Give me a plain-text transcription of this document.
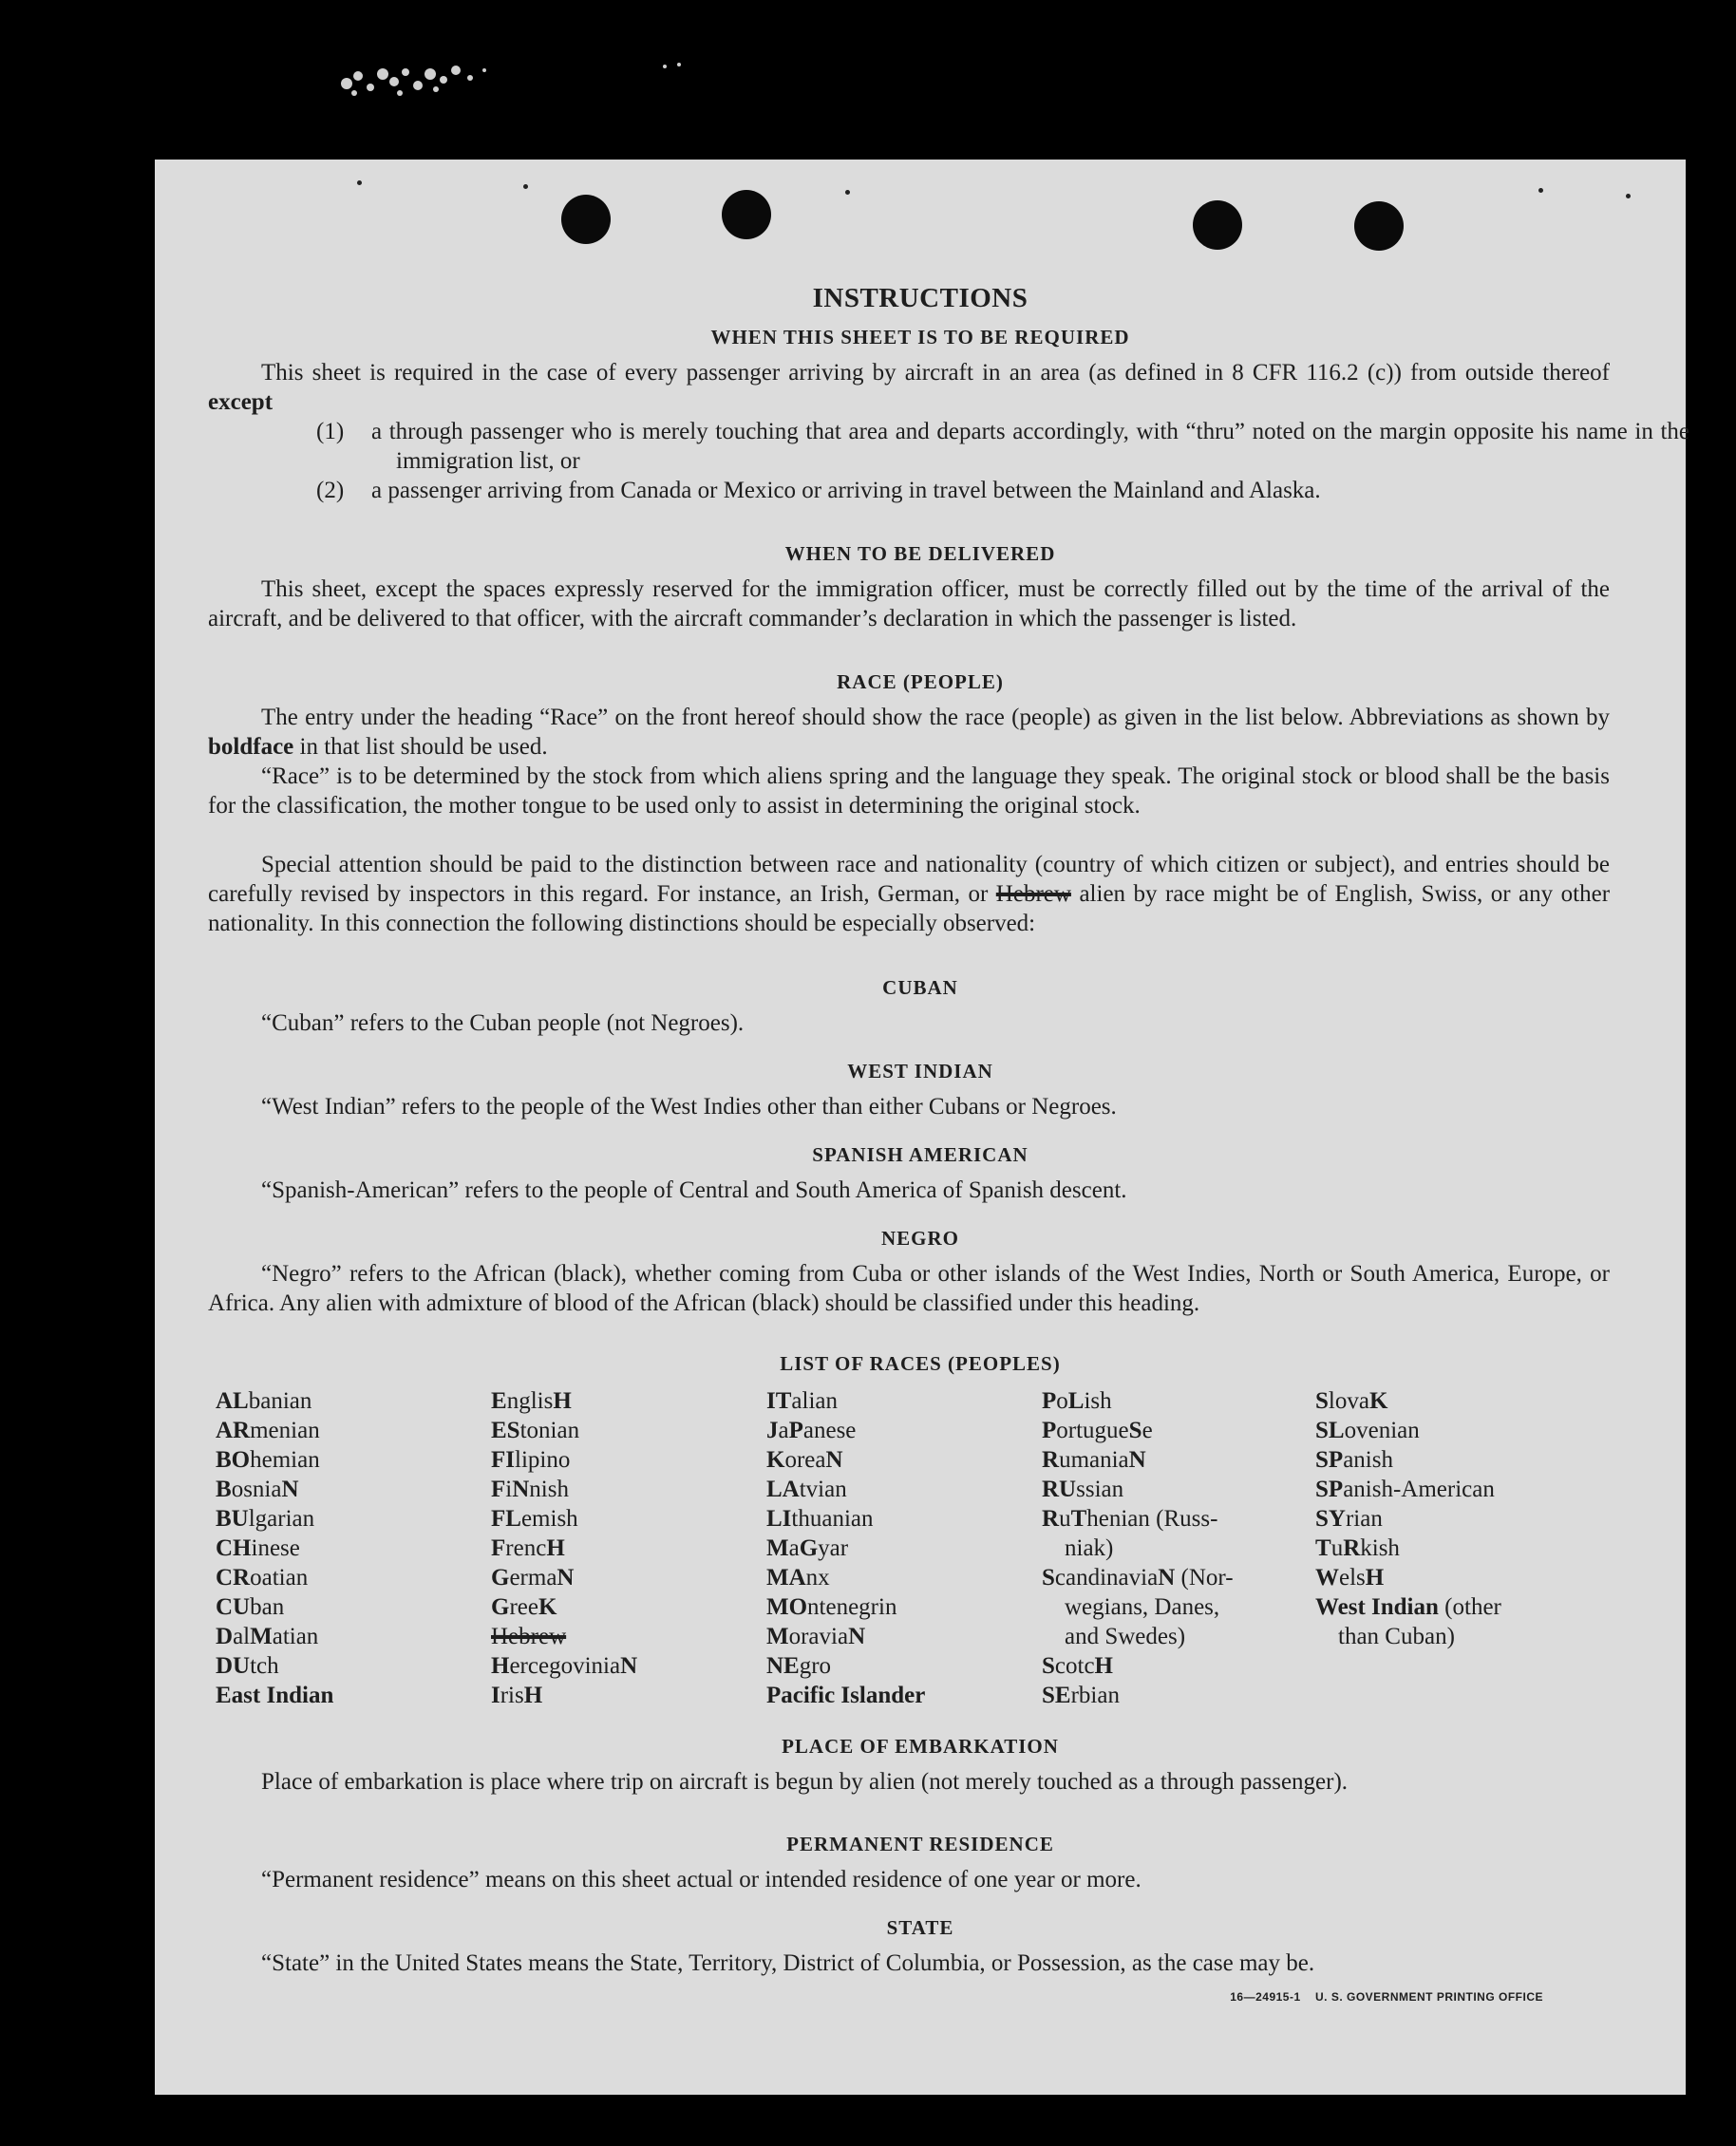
INSTRUCTIONS
WHEN THIS SHEET IS TO BE REQUIRED
This sheet is required in the case of every passenger arriving by aircraft in an area (as defined in 8 CFR 116.2 (c)) from outside thereof except
(1) a through passenger who is merely touching that area and departs accordingly, with “thru” noted on the margin opposite his name in the immigration list, or
(2) a passenger arriving from Canada or Mexico or arriving in travel between the Mainland and Alaska.
WHEN TO BE DELIVERED
This sheet, except the spaces expressly reserved for the immigration officer, must be correctly filled out by the time of the arrival of the aircraft, and be delivered to that officer, with the aircraft commander’s declaration in which the passenger is listed.
RACE (PEOPLE)
The entry under the heading “Race” on the front hereof should show the race (people) as given in the list below. Abbreviations as shown by boldface in that list should be used.
“Race” is to be determined by the stock from which aliens spring and the language they speak. The original stock or blood shall be the basis for the classification, the mother tongue to be used only to assist in determining the original stock.
Special attention should be paid to the distinction between race and nationality (country of which citizen or subject), and entries should be carefully revised by inspectors in this regard. For instance, an Irish, German, or Hebrew alien by race might be of English, Swiss, or any other nationality. In this connection the following distinctions should be especially observed:
CUBAN
“Cuban” refers to the Cuban people (not Negroes).
WEST INDIAN
“West Indian” refers to the people of the West Indies other than either Cubans or Negroes.
SPANISH AMERICAN
“Spanish-American” refers to the people of Central and South America of Spanish descent.
NEGRO
“Negro” refers to the African (black), whether coming from Cuba or other islands of the West Indies, North or South America, Europe, or Africa. Any alien with admixture of blood of the African (black) should be classified under this heading.
LIST OF RACES (PEOPLES)
ALbanian
ARmenian
BOhemian
BosniaN
BUlgarian
CHinese
CRoatian
CUban
DalMatian
DUtch
East Indian
EnglisH
EStonian
FIlipino
FiNnish
FLemish
FrencH
GermaN
GreeK
Hebrew
HercegoviniaN
IrisH
ITalian
JaPanese
KoreaN
LAtvian
LIthuanian
MaGyar
MAnx
MOntenegrin
MoraviaN
NEgro
Pacific Islander
PoLish
PortugueSe
RumaniaN
RUssian
RuThenian (Russ-
niak)
ScandinaviaN (Nor-
wegians, Danes,
and Swedes)
ScotcH
SErbian
SlovaK
SLovenian
SPanish
SPanish-American
SYrian
TuRkish
WelsH
West Indian (other
than Cuban)
PLACE OF EMBARKATION
Place of embarkation is place where trip on aircraft is begun by alien (not merely touched as a through passenger).
PERMANENT RESIDENCE
“Permanent residence” means on this sheet actual or intended residence of one year or more.
STATE
“State” in the United States means the State, Territory, District of Columbia, or Possession, as the case may be.
16—24915-1 U. S. GOVERNMENT PRINTING OFFICE
